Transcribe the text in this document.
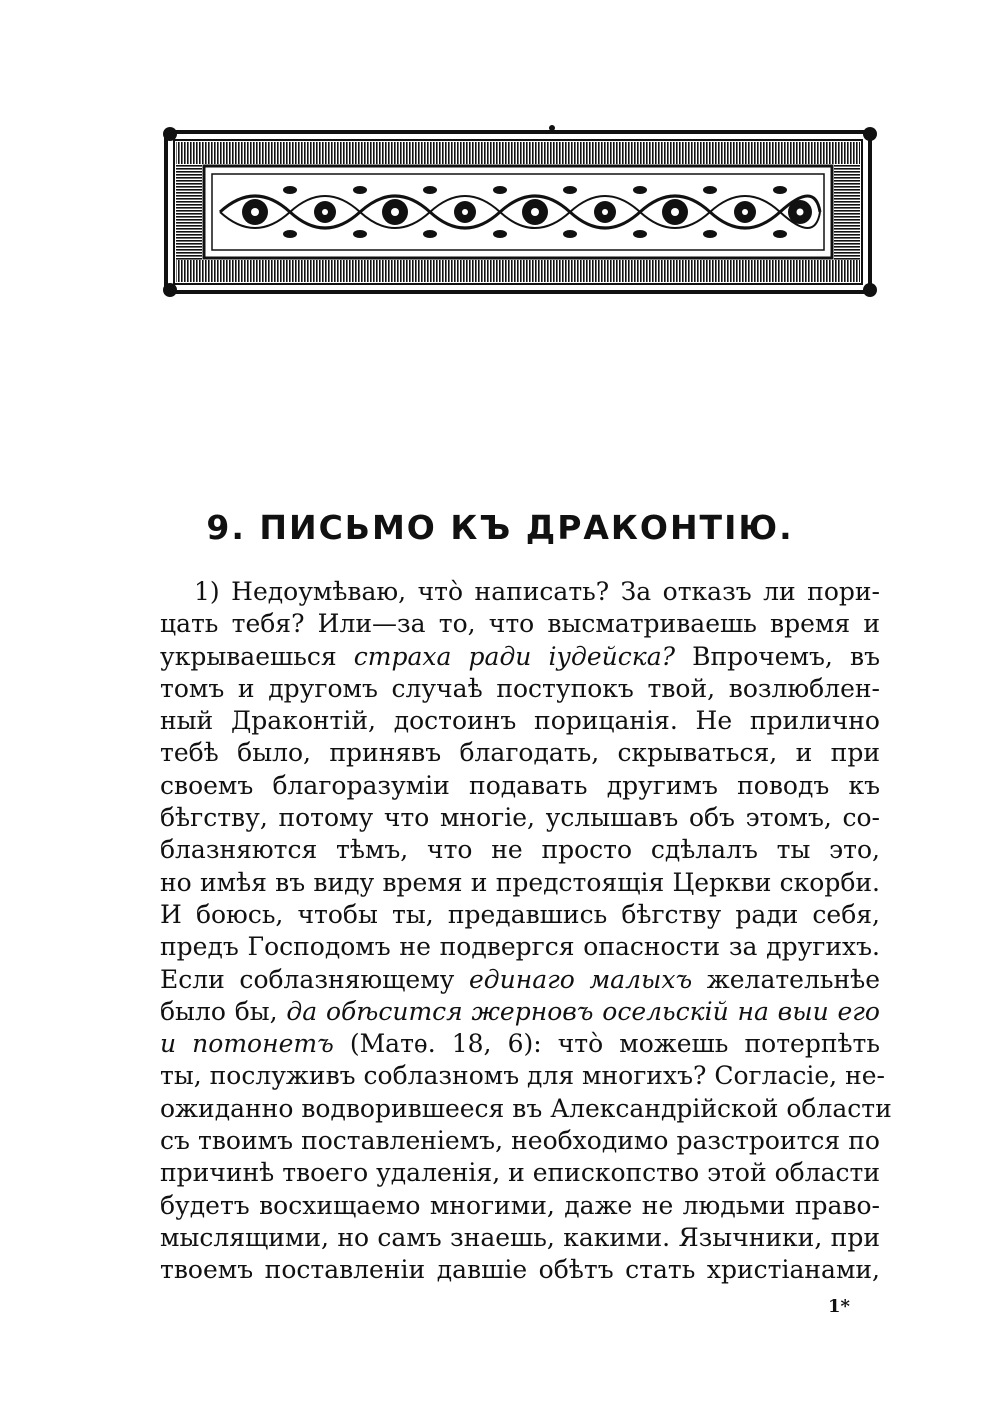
9. ПИСЬМО КЪ ДРАКОНТІЮ.
1) Недоумѣваю, что̀ написать? За отказъ ли пори-
цать тебя? Или—за то, что высматриваешь время и
укрываешься страха ради іудейска? Впрочемъ, въ
томъ и другомъ случаѣ поступокъ твой, возлюблен-
ный Драконтій, достоинъ порицанія. Не прилично
тебѣ было, принявъ благодать, скрываться, и при
своемъ благоразуміи подавать другимъ поводъ къ
бѣгству, потому что многіе, услышавъ объ этомъ, со-
блазняются тѣмъ, что не просто сдѣлалъ ты это,
но имѣя въ виду время и предстоящія Церкви скорби.
И боюсь, чтобы ты, предавшись бѣгству ради себя,
предъ Господомъ не подвергся опасности за другихъ.
Если соблазняющему единаго малыхъ желательнѣе
было бы, да обѣсится жерновъ осельскій на выи его
и потонетъ (Матѳ. 18, 6): что̀ можешь потерпѣть
ты, послуживъ соблазномъ для многихъ? Согласіе, не-
ожиданно водворившееся въ Александрійской области
съ твоимъ поставленіемъ, необходимо разстроится по
причинѣ твоего удаленія, и епископство этой области
будетъ восхищаемо многими, даже не людьми право-
мыслящими, но самъ знаешь, какими. Язычники, при
твоемъ поставленіи давшіе обѣтъ стать христіанами,
1*
